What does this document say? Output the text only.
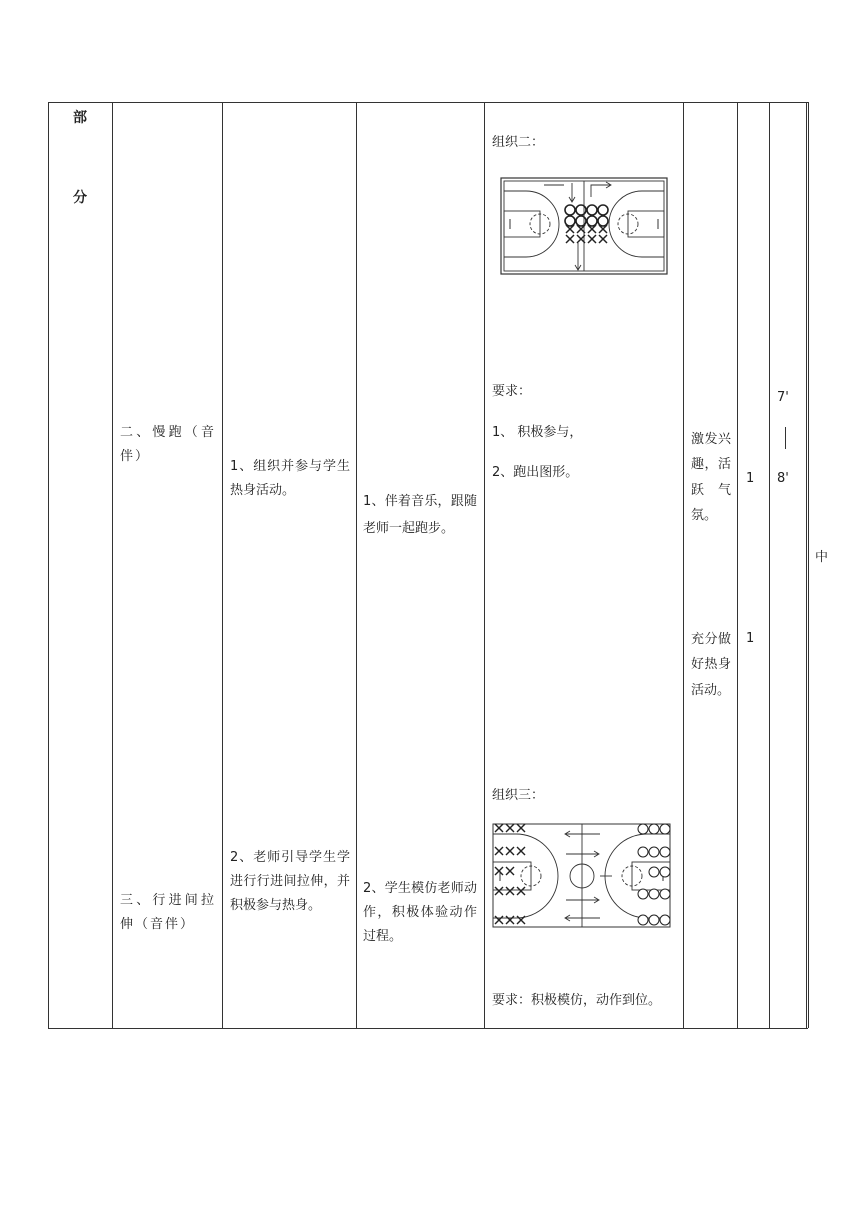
部
分
二、慢跑（音伴）
三、行进间拉伸（音伴）
1、组织并参与学生热身活动。
2、老师引导学生学进行行进间拉伸，并积极参与热身。
1、伴着音乐，跟随老师一起跑步。
2、学生模仿老师动作，积极体验动作过程。
组织二：
要求：
1、 积极参与，
2、跑出图形。
组织三：
要求：积极模仿，动作到位。
激发兴趣，活跃气氛。
充分做好热身活动。
1
1
7'
8'
中
